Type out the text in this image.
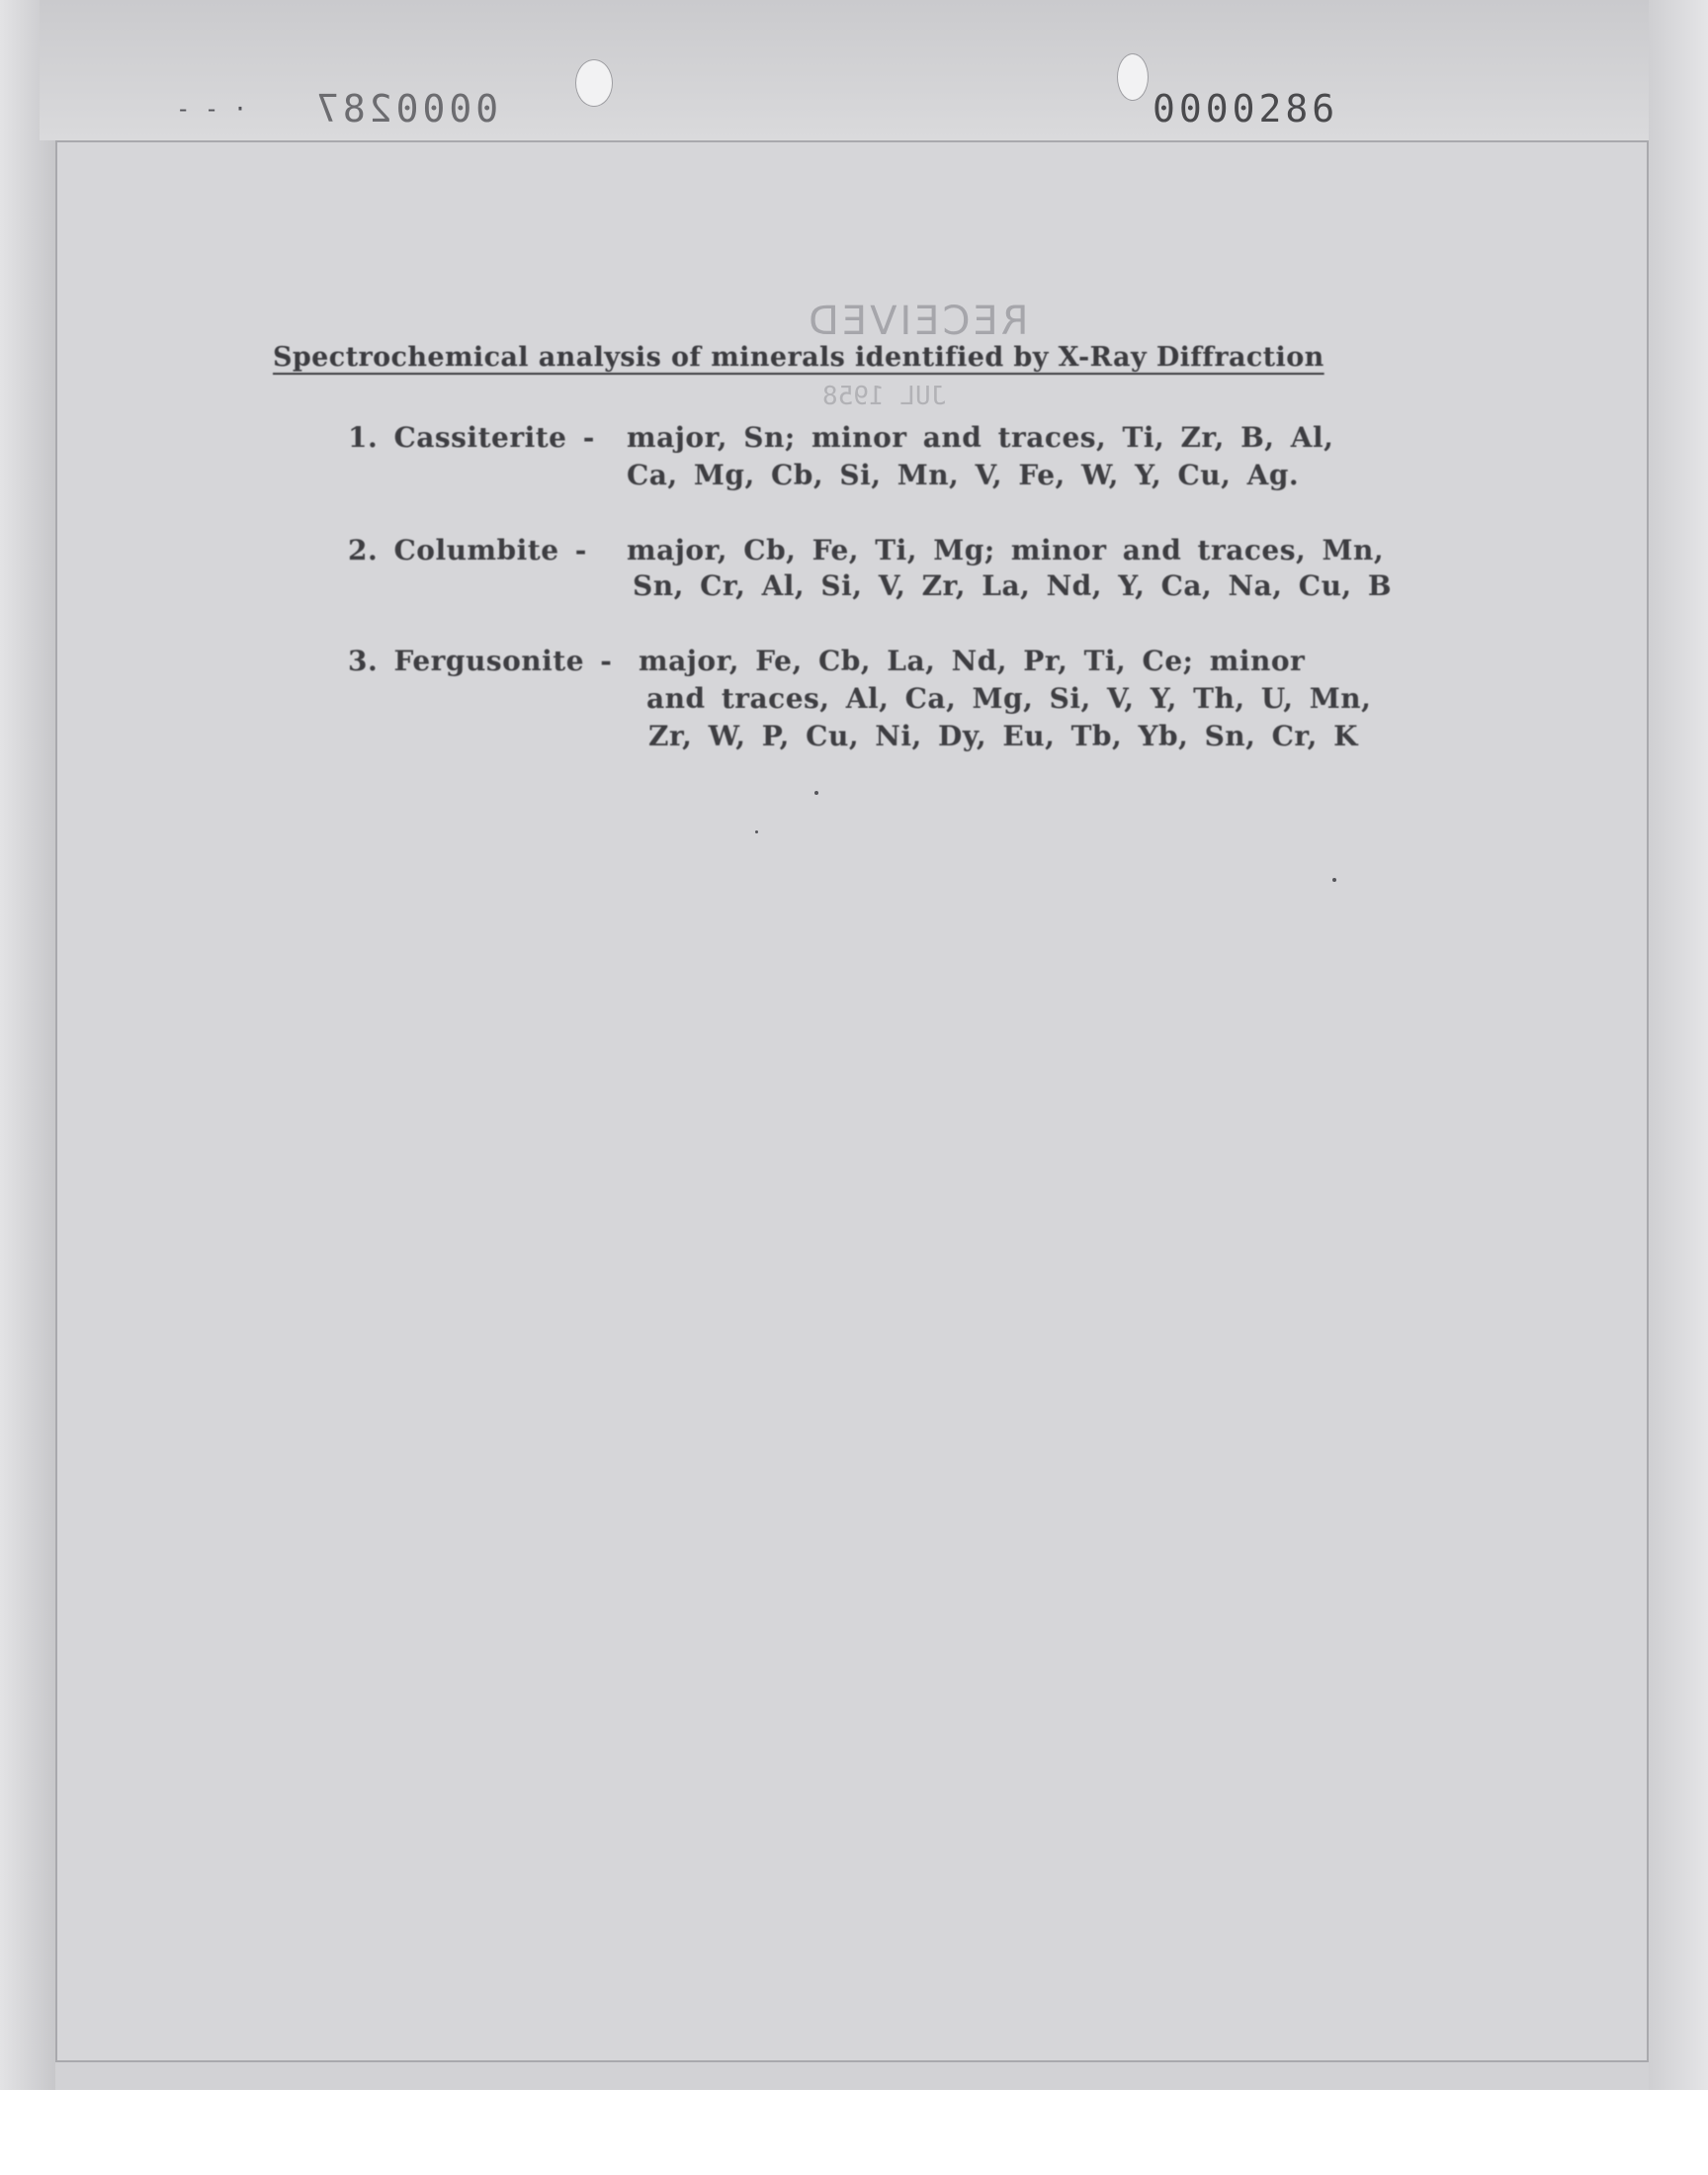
- - · 0000287	0000286
RECEIVED
JUL 1958
Spectrochemical analysis of minerals identified by X-Ray Diffraction
1. Cassiterite - major, Sn; minor and traces, Ti, Zr, B, Al,
Ca, Mg, Cb, Si, Mn, V, Fe, W, Y, Cu, Ag.
2. Columbite - major, Cb, Fe, Ti, Mg; minor and traces, Mn,
Sn, Cr, Al, Si, V, Zr, La, Nd, Y, Ca, Na, Cu, B
3. Fergusonite - major, Fe, Cb, La, Nd, Pr, Ti, Ce; minor
and traces, Al, Ca, Mg, Si, V, Y, Th, U, Mn,
Zr, W, P, Cu, Ni, Dy, Eu, Tb, Yb, Sn, Cr, K
